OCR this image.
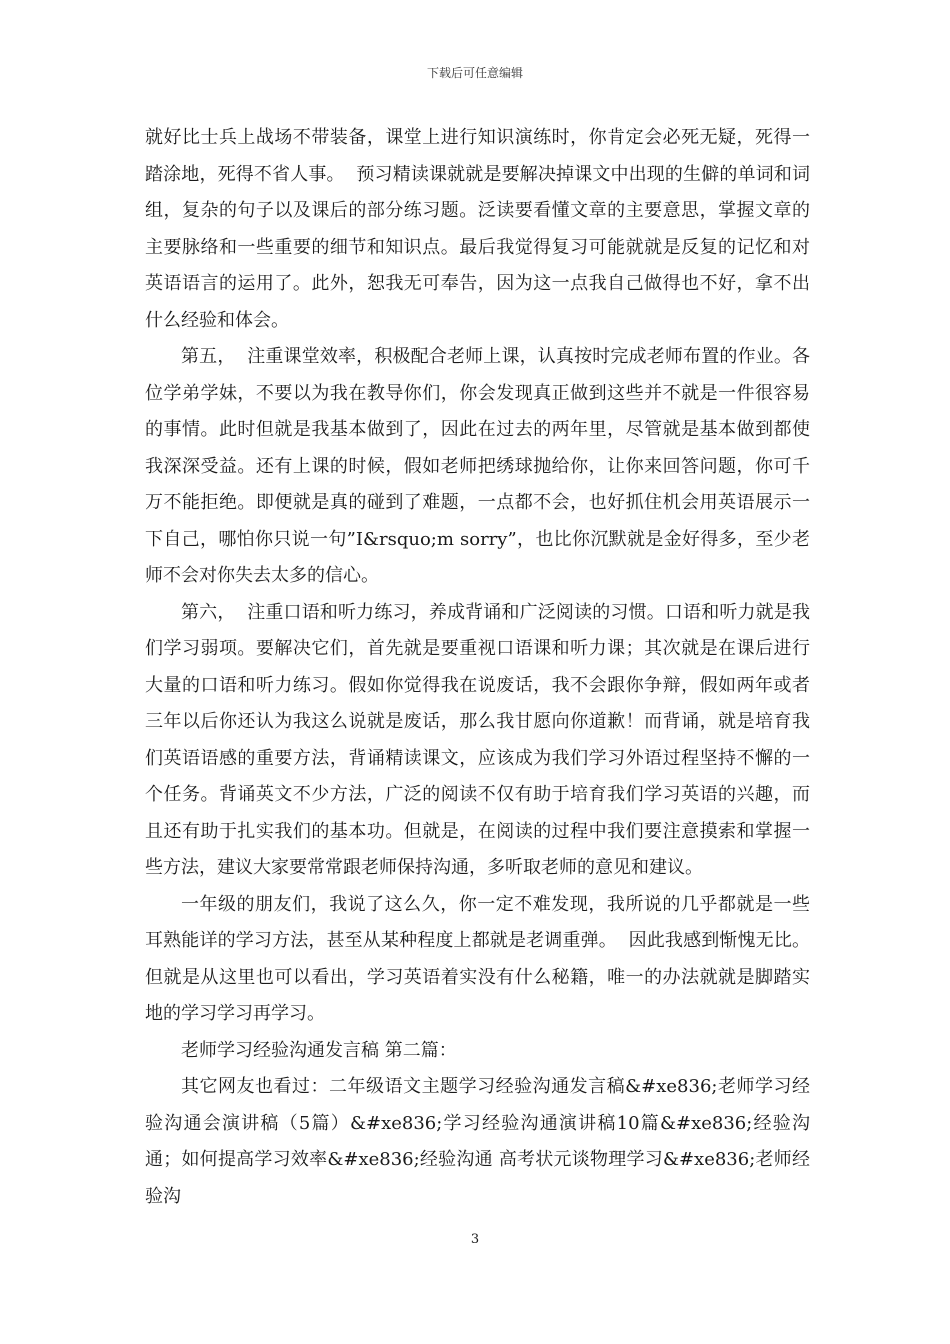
下载后可任意编辑

就好比士兵上战场不带装备，课堂上进行知识演练时，你肯定会必死无疑，死得一踏涂地，死得不省人事。  预习精读课就就是要解决掉课文中出现的生僻的单词和词组，复杂的句子以及课后的部分练习题。泛读要看懂文章的主要意思，掌握文章的主要脉络和一些重要的细节和知识点。最后我觉得复习可能就就是反复的记忆和对英语语言的运用了。此外，恕我无可奉告，因为这一点我自己做得也不好，拿不出什么经验和体会。

第五，  注重课堂效率，积极配合老师上课，认真按时完成老师布置的作业。各位学弟学妹，不要以为我在教导你们，你会发现真正做到这些并不就是一件很容易的事情。此时但就是我基本做到了，因此在过去的两年里，尽管就是基本做到都使我深深受益。还有上课的时候，假如老师把绣球抛给你，让你来回答问题，你可千万不能拒绝。即便就是真的碰到了难题，一点都不会，也好抓住机会用英语展示一下自己，哪怕你只说一句”I&rsquo;m sorry”，也比你沉默就是金好得多，至少老师不会对你失去太多的信心。

第六，  注重口语和听力练习，养成背诵和广泛阅读的习惯。口语和听力就是我们学习弱项。要解决它们，首先就是要重视口语课和听力课；其次就是在课后进行大量的口语和听力练习。假如你觉得我在说废话，我不会跟你争辩，假如两年或者三年以后你还认为我这么说就是废话，那么我甘愿向你道歉！而背诵，就是培育我们英语语感的重要方法，背诵精读课文，应该成为我们学习外语过程坚持不懈的一个任务。背诵英文不少方法，广泛的阅读不仅有助于培育我们学习英语的兴趣，而且还有助于扎实我们的基本功。但就是，在阅读的过程中我们要注意摸索和掌握一些方法，建议大家要常常跟老师保持沟通，多听取老师的意见和建议。

一年级的朋友们，我说了这么久，你一定不难发现，我所说的几乎都就是一些耳熟能详的学习方法，甚至从某种程度上都就是老调重弹。  因此我感到惭愧无比。  但就是从这里也可以看出，学习英语着实没有什么秘籍，唯一的办法就就是脚踏实地的学习学习再学习。

老师学习经验沟通发言稿 第二篇：

其它网友也看过：二年级语文主题学习经验沟通发言稿&#xe836;老师学习经验沟通会演讲稿（5篇）&#xe836;学习经验沟通演讲稿10篇&#xe836;经验沟通；如何提高学习效率&#xe836;经验沟通 高考状元谈物理学习&#xe836;老师经验沟

3
